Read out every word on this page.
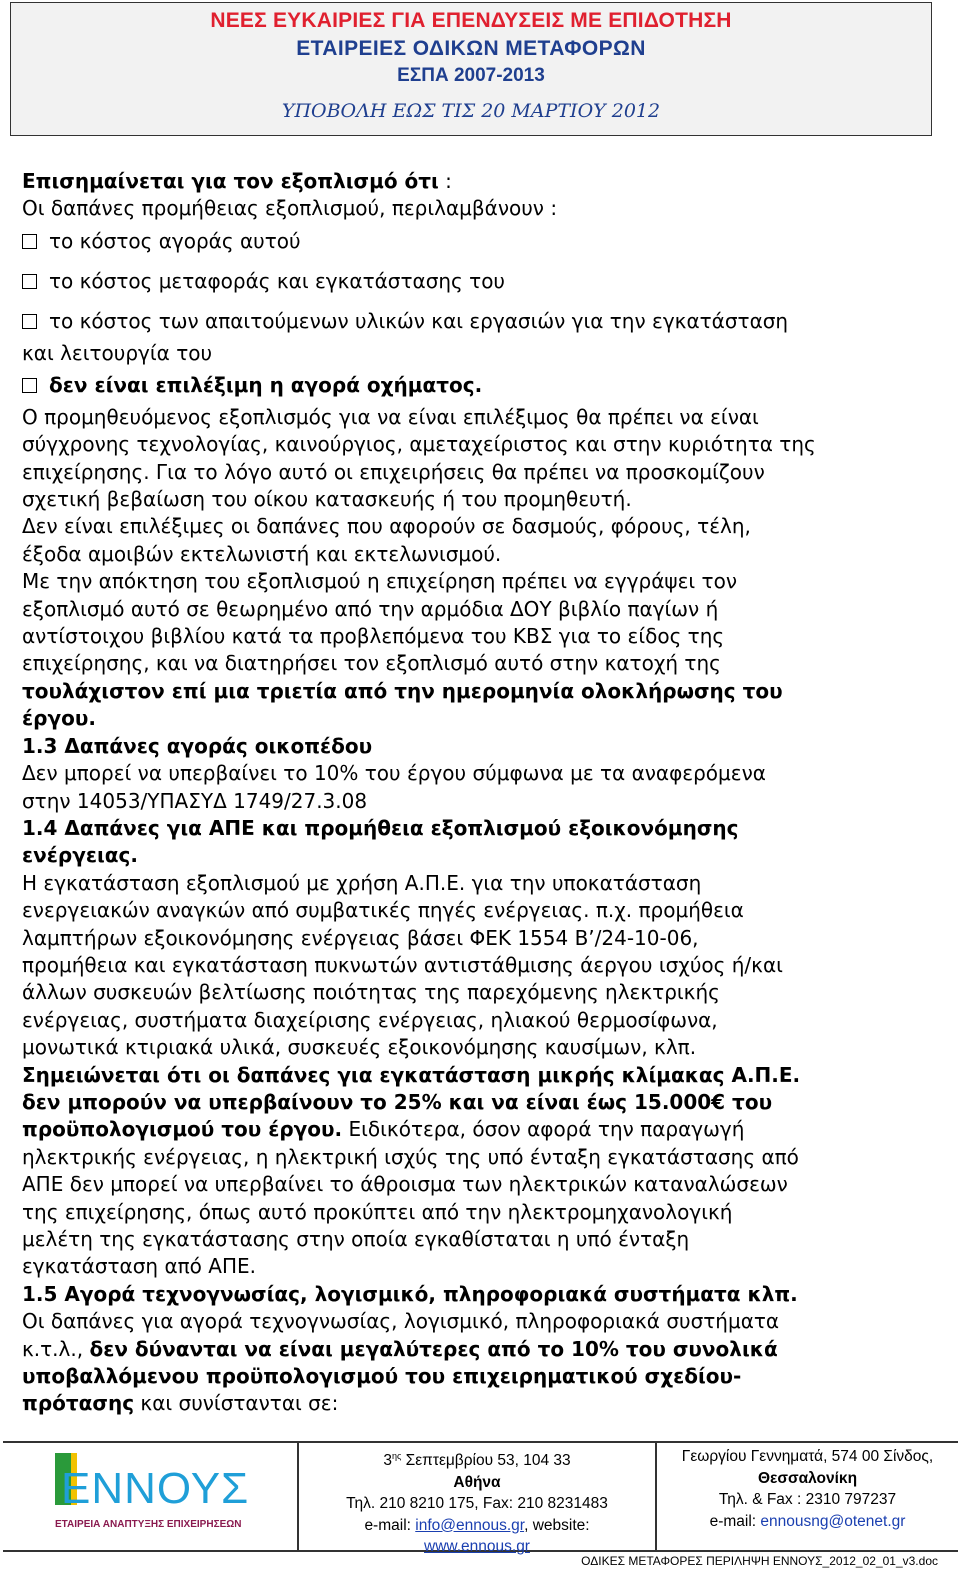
ΝΕΕΣ ΕΥΚΑΙΡΙΕΣ ΓΙΑ ΕΠΕΝΔΥΣΕΙΣ ΜΕ ΕΠΙΔΟΤΗΣΗ
ΕΤΑΙΡΕΙΕΣ ΟΔΙΚΩΝ ΜΕΤΑΦΟΡΩΝ
ΕΣΠΑ 2007-2013
ΥΠΟΒΟΛΗ ΕΩΣ ΤΙΣ 20 ΜΑΡΤΙΟΥ 2012

Επισημαίνεται για τον εξοπλισμό ότι :

Οι δαπάνες προμήθειας εξοπλισμού, περιλαμβάνουν :

το κόστος αγοράς αυτού
το κόστος μεταφοράς και εγκατάστασης του
το κόστος των απαιτούμενων υλικών και εργασιών για την εγκατάσταση
και λειτουργία του
δεν είναι επιλέξιμη η αγορά οχήματος.

Ο προμηθευόμενος εξοπλισμός για να είναι επιλέξιμος θα πρέπει να είναι

σύγχρονης τεχνολογίας, καινούργιος, αμεταχείριστος και στην κυριότητα της

επιχείρησης. Για το λόγο αυτό οι επιχειρήσεις θα πρέπει να προσκομίζουν

σχετική βεβαίωση του οίκου κατασκευής ή του προμηθευτή.

Δεν είναι επιλέξιμες οι δαπάνες που αφορούν σε δασμούς, φόρους, τέλη,

έξοδα αμοιβών εκτελωνιστή και εκτελωνισμού.

Με την απόκτηση του εξοπλισμού η επιχείρηση πρέπει να εγγράψει τον

εξοπλισμό αυτό σε θεωρημένο από την αρμόδια ΔΟΥ βιβλίο παγίων ή

αντίστοιχου βιβλίου κατά τα προβλεπόμενα του ΚΒΣ για το είδος της

επιχείρησης, και να διατηρήσει τον εξοπλισμό αυτό στην κατοχή της

τουλάχιστον επί μια τριετία από την ημερομηνία ολοκλήρωσης του

έργου.

1.3 Δαπάνες αγοράς οικοπέδου

Δεν μπορεί να υπερβαίνει το 10% του έργου σύμφωνα με τα αναφερόμενα

στην 14053/ΥΠΑΣΥΔ 1749/27.3.08

1.4 Δαπάνες για ΑΠΕ και προμήθεια εξοπλισμού εξοικονόμησης

ενέργειας.

Η εγκατάσταση εξοπλισμού με χρήση Α.Π.Ε. για την υποκατάσταση

ενεργειακών αναγκών από συμβατικές πηγές ενέργειας. π.χ. προμήθεια

λαμπτήρων εξοικονόμησης ενέργειας βάσει ΦΕΚ 1554 Β’/24-10-06,

προμήθεια και εγκατάσταση πυκνωτών αντιστάθμισης άεργου ισχύος ή/και

άλλων συσκευών βελτίωσης ποιότητας της παρεχόμενης ηλεκτρικής

ενέργειας, συστήματα διαχείρισης ενέργειας, ηλιακού θερμοσίφωνα,

μονωτικά κτιριακά υλικά, συσκευές εξοικονόμησης καυσίμων, κλπ.

Σημειώνεται ότι οι δαπάνες για εγκατάσταση μικρής κλίμακας Α.Π.Ε.

δεν μπορούν να υπερβαίνουν το 25% και να είναι έως 15.000€ του

προϋπολογισμού του έργου. Ειδικότερα, όσον αφορά την παραγωγή

ηλεκτρικής ενέργειας, η ηλεκτρική ισχύς της υπό ένταξη εγκατάστασης από

ΑΠΕ δεν μπορεί να υπερβαίνει το άθροισμα των ηλεκτρικών καταναλώσεων

της επιχείρησης, όπως αυτό προκύπτει από την ηλεκτρομηχανολογική

μελέτη της εγκατάστασης στην οποία εγκαθίσταται η υπό ένταξη

εγκατάσταση από ΑΠΕ.

1.5 Αγορά τεχνογνωσίας, λογισμικό, πληροφοριακά συστήματα κλπ.

Οι δαπάνες για αγορά τεχνογνωσίας, λογισμικό, πληροφοριακά συστήματα

κ.τ.λ., δεν δύνανται να είναι μεγαλύτερες από το 10% του συνολικά

υποβαλλόμενου προϋπολογισμού του επιχειρηματικού σχεδίου-

πρότασης και συνίστανται σε:

ΕΝΝΟΥΣ
ΕΤΑΙΡΕΙΑ ΑΝΑΠΤΥΞΗΣ ΕΠΙΧΕΙΡΗΣΕΩΝ
$3^{\eta\varsigma}$ Σεπτεμβρίου 53, 104 33
Αθήνα
Τηλ. 210 8210 175, Fax: 210 8231483
e-mail: info@ennous.gr, website:
www.ennous.gr
Γεωργίου Γεννηματά, 574 00 Σίνδος,
Θεσσαλονίκη
Τηλ. & Fax : 2310 797237
e-mail: ennousng@otenet.gr
ΟΔΙΚΕΣ ΜΕΤΑΦΟΡΕΣ ΠΕΡΙΛΗΨΗ ΕΝΝΟΥΣ_2012_02_01_v3.doc
